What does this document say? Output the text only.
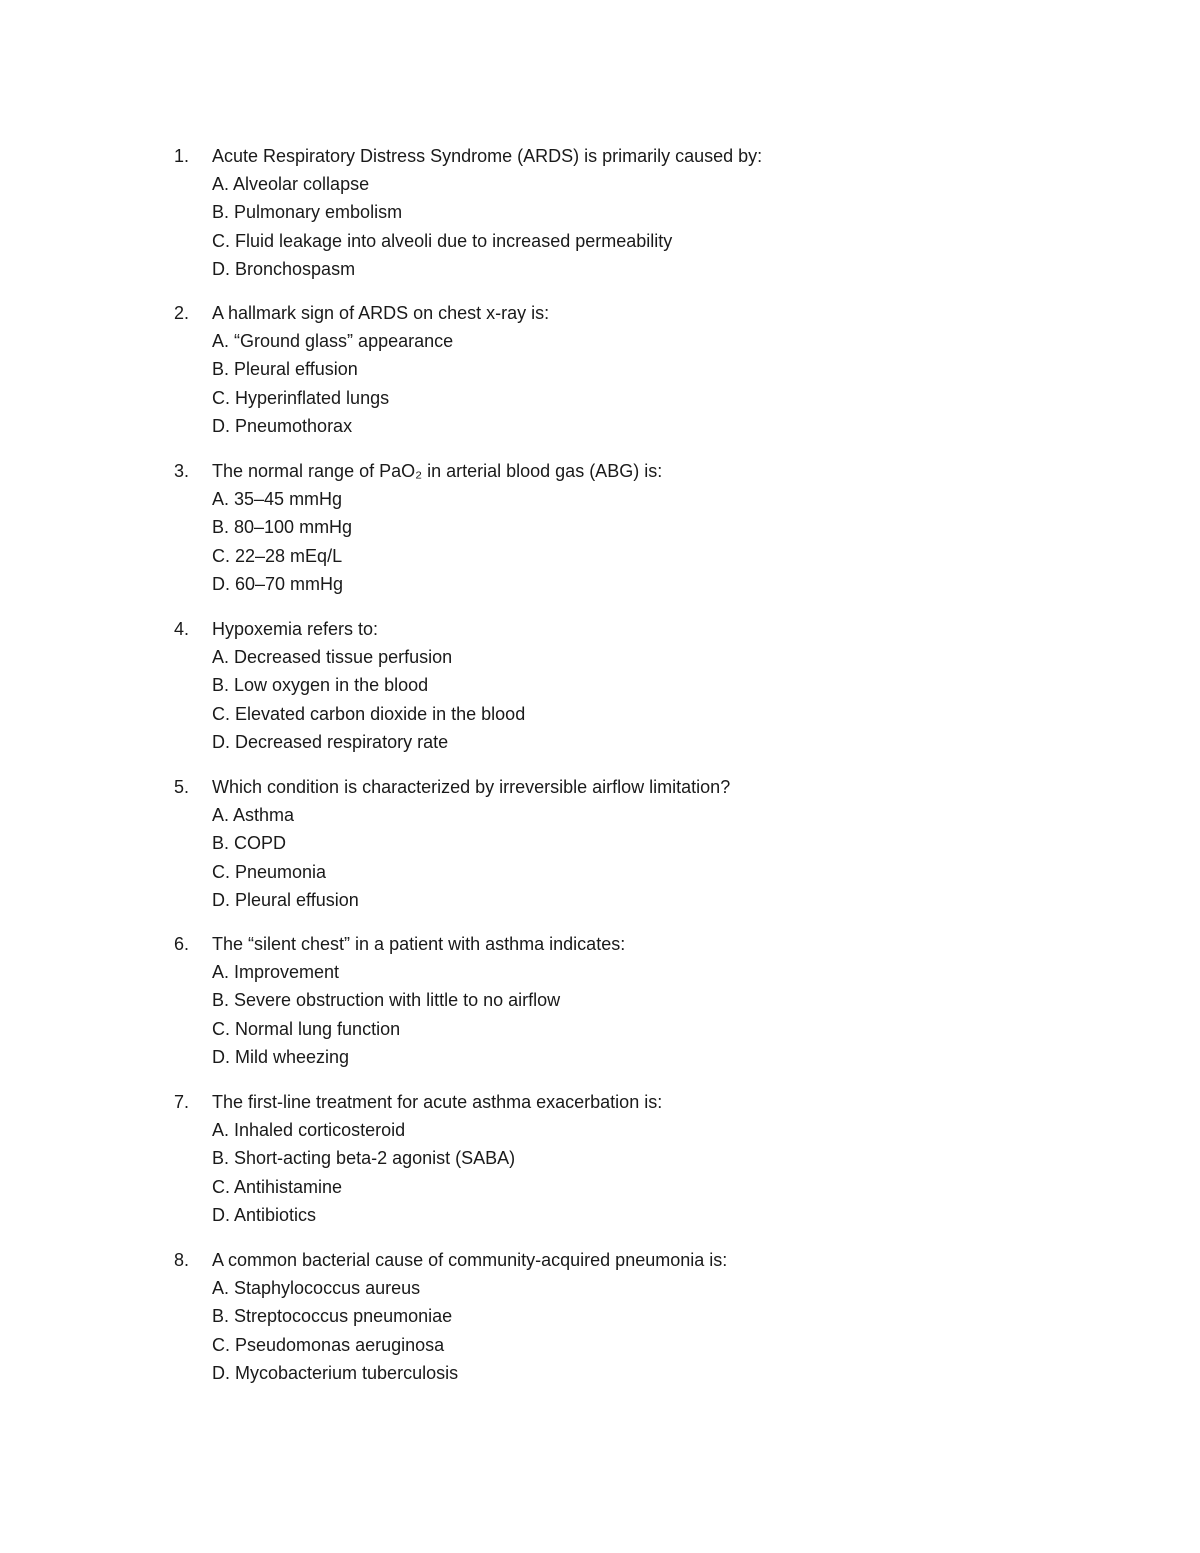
1. Acute Respiratory Distress Syndrome (ARDS) is primarily caused by:
A. Alveolar collapse
B. Pulmonary embolism
C. Fluid leakage into alveoli due to increased permeability
D. Bronchospasm
2. A hallmark sign of ARDS on chest x-ray is:
A. “Ground glass” appearance
B. Pleural effusion
C. Hyperinflated lungs
D. Pneumothorax
3. The normal range of PaO₂ in arterial blood gas (ABG) is:
A. 35–45 mmHg
B. 80–100 mmHg
C. 22–28 mEq/L
D. 60–70 mmHg
4. Hypoxemia refers to:
A. Decreased tissue perfusion
B. Low oxygen in the blood
C. Elevated carbon dioxide in the blood
D. Decreased respiratory rate
5. Which condition is characterized by irreversible airflow limitation?
A. Asthma
B. COPD
C. Pneumonia
D. Pleural effusion
6. The “silent chest” in a patient with asthma indicates:
A. Improvement
B. Severe obstruction with little to no airflow
C. Normal lung function
D. Mild wheezing
7. The first-line treatment for acute asthma exacerbation is:
A. Inhaled corticosteroid
B. Short-acting beta-2 agonist (SABA)
C. Antihistamine
D. Antibiotics
8. A common bacterial cause of community-acquired pneumonia is:
A. Staphylococcus aureus
B. Streptococcus pneumoniae
C. Pseudomonas aeruginosa
D. Mycobacterium tuberculosis
